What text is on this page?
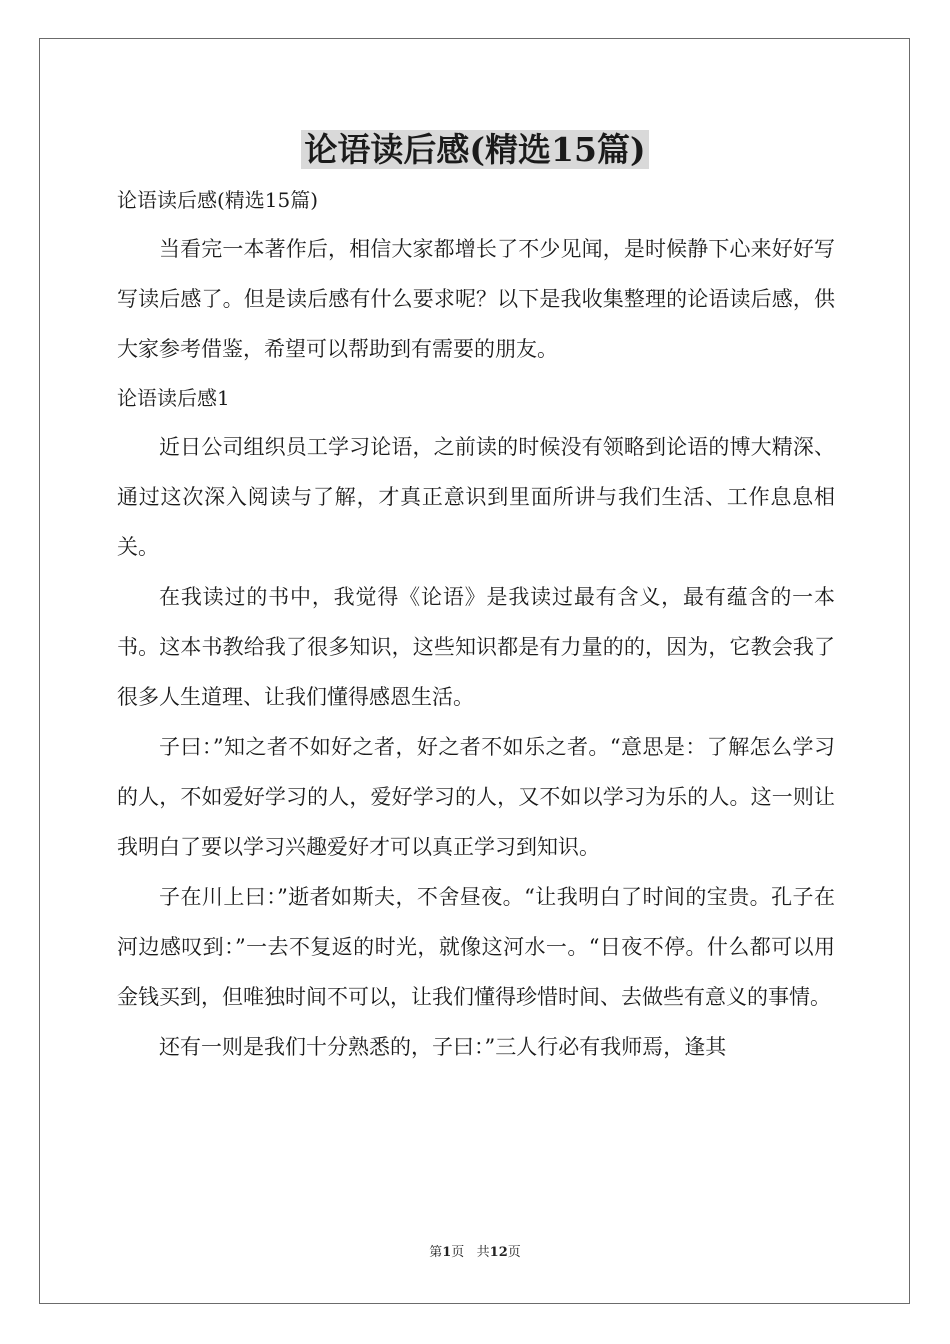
论语读后感(精选15篇)

论语读后感(精选15篇)

当看完一本著作后，相信大家都增长了不少见闻，是时候静下心来好好写写读后感了。但是读后感有什么要求呢？以下是我收集整理的论语读后感，供大家参考借鉴，希望可以帮助到有需要的朋友。

论语读后感1

近日公司组织员工学习论语，之前读的时候没有领略到论语的博大精深、通过这次深入阅读与了解，才真正意识到里面所讲与我们生活、工作息息相关。

在我读过的书中，我觉得《论语》是我读过最有含义，最有蕴含的一本书。这本书教给我了很多知识，这些知识都是有力量的的，因为，它教会我了很多人生道理、让我们懂得感恩生活。

子曰：”知之者不如好之者，好之者不如乐之者。“意思是：了解怎么学习的人，不如爱好学习的人，爱好学习的人，又不如以学习为乐的人。这一则让我明白了要以学习兴趣爱好才可以真正学习到知识。

子在川上曰：”逝者如斯夫，不舍昼夜。“让我明白了时间的宝贵。孔子在河边感叹到：”一去不复返的时光，就像这河水一。“日夜不停。什么都可以用金钱买到，但唯独时间不可以，让我们懂得珍惜时间、去做些有意义的事情。

还有一则是我们十分熟悉的，子曰：”三人行必有我师焉，逢其

第1页   共12页
